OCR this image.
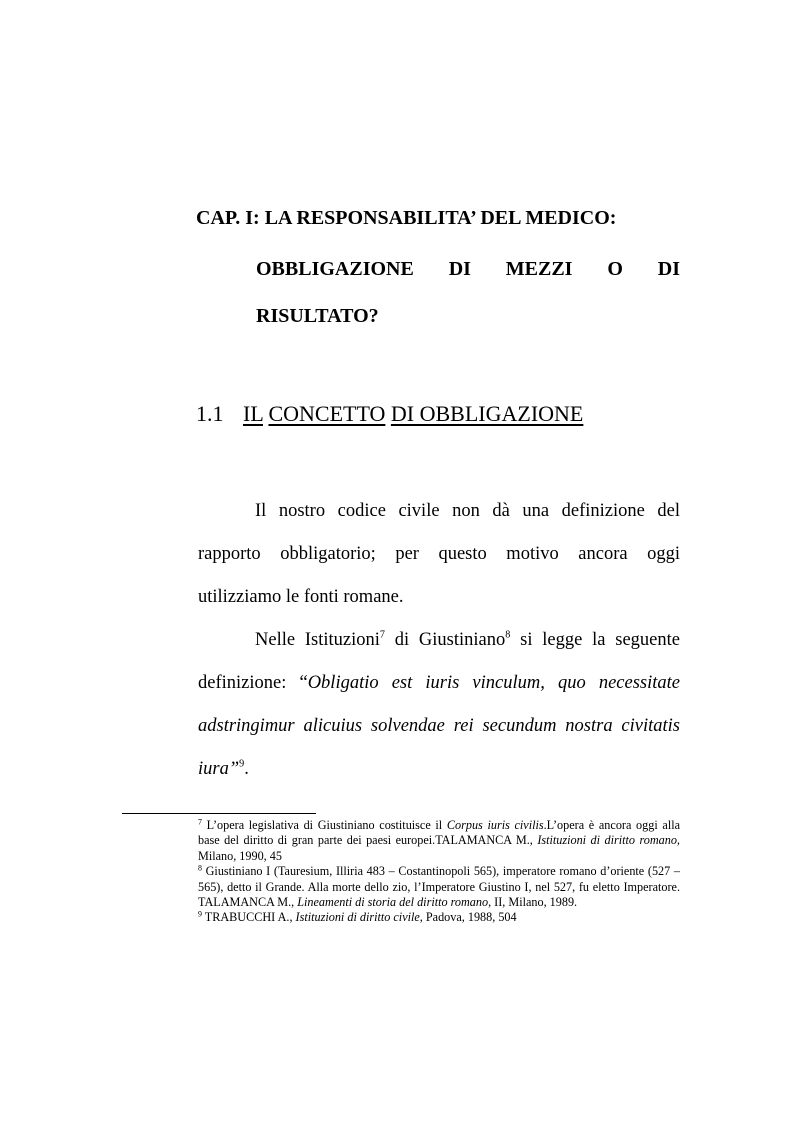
CAP. I: LA RESPONSABILITA’ DEL MEDICO:
OBBLIGAZIONE DI MEZZI O DI
RISULTATO?
1.1 IL CONCETTO DI OBBLIGAZIONE

Il nostro codice civile non dà una definizione del

rapporto obbligatorio; per questo motivo ancora oggi

utilizziamo le fonti romane.

Nelle Istituzioni$^7$ di Giustiniano$^8$ si legge la seguente definizione: “Obligatio est iuris vinculum, quo necessitate adstringimur alicuius solvendae rei secundum nostra civitatis iura”$^9$.

$^7$ L’opera legislativa di Giustiniano costituisce il Corpus iuris civilis.L’opera è ancora oggi alla base del diritto di gran parte dei paesi europei.TALAMANCA M., Istituzioni di diritto romano, Milano, 1990, 45

$^8$ Giustiniano I (Tauresium, Illiria 483 – Costantinopoli 565), imperatore romano d’oriente (527 – 565), detto il Grande. Alla morte dello zio, l’Imperatore Giustino I, nel 527, fu eletto Imperatore. TALAMANCA M., Lineamenti di storia del diritto romano, II, Milano, 1989.

$^9$ TRABUCCHI A., Istituzioni di diritto civile, Padova, 1988, 504
